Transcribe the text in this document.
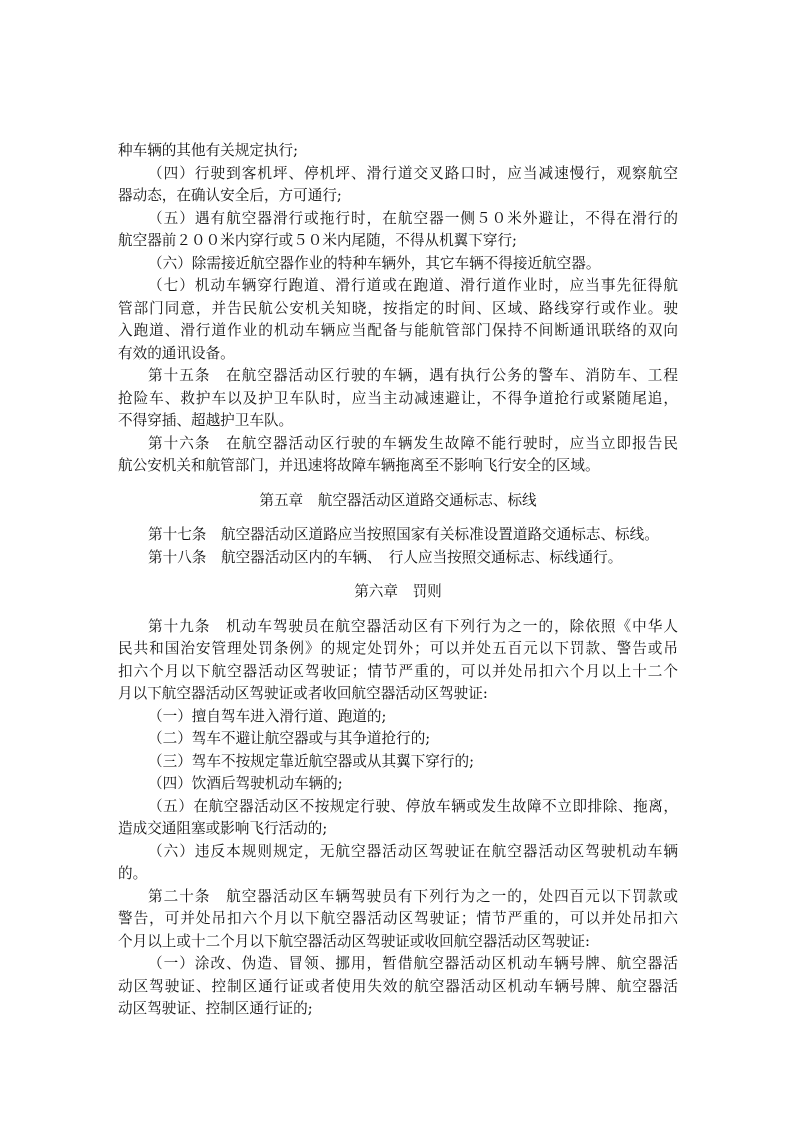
种车辆的其他有关规定执行;
（四）行驶到客机坪、停机坪、滑行道交叉路口时，应当减速慢行，观察航空
器动态，在确认安全后，方可通行;
（五）遇有航空器滑行或拖行时，在航空器一侧５０米外避让，不得在滑行的
航空器前２００米内穿行或５０米内尾随，不得从机翼下穿行;
（六）除需接近航空器作业的特种车辆外，其它车辆不得接近航空器。
（七）机动车辆穿行跑道、滑行道或在跑道、滑行道作业时，应当事先征得航
管部门同意，并告民航公安机关知晓，按指定的时间、区域、路线穿行或作业。驶
入跑道、滑行道作业的机动车辆应当配备与能航管部门保持不间断通讯联络的双向
有效的通讯设备。
第十五条　在航空器活动区行驶的车辆，遇有执行公务的警车、消防车、工程
抢险车、救护车以及护卫车队时，应当主动减速避让，不得争道抢行或紧随尾追，
不得穿插、超越护卫车队。
第十六条　在航空器活动区行驶的车辆发生故障不能行驶时，应当立即报告民
航公安机关和航管部门，并迅速将故障车辆拖离至不影响飞行安全的区域。
第五章　航空器活动区道路交通标志、标线
第十七条　航空器活动区道路应当按照国家有关标准设置道路交通标志、标线。
第十八条　航空器活动区内的车辆、　行人应当按照交通标志、标线通行。
第六章　罚则
第十九条　机动车驾驶员在航空器活动区有下列行为之一的，除依照《中华人
民共和国治安管理处罚条例》的规定处罚外；可以并处五百元以下罚款、警告或吊
扣六个月以下航空器活动区驾驶证；情节严重的，可以并处吊扣六个月以上十二个
月以下航空器活动区驾驶证或者收回航空器活动区驾驶证:
（一）擅自驾车进入滑行道、跑道的;
（二）驾车不避让航空器或与其争道抢行的;
（三）驾车不按规定靠近航空器或从其翼下穿行的;
（四）饮酒后驾驶机动车辆的;
（五）在航空器活动区不按规定行驶、停放车辆或发生故障不立即排除、拖离，
造成交通阻塞或影响飞行活动的;
（六）违反本规则规定，无航空器活动区驾驶证在航空器活动区驾驶机动车辆
的。
第二十条　航空器活动区车辆驾驶员有下列行为之一的，处四百元以下罚款或
警告，可并处吊扣六个月以下航空器活动区驾驶证；情节严重的，可以并处吊扣六
个月以上或十二个月以下航空器活动区驾驶证或收回航空器活动区驾驶证:
（一）涂改、伪造、冒领、挪用，暂借航空器活动区机动车辆号牌、航空器活
动区驾驶证、控制区通行证或者使用失效的航空器活动区机动车辆号牌、航空器活
动区驾驶证、控制区通行证的;
